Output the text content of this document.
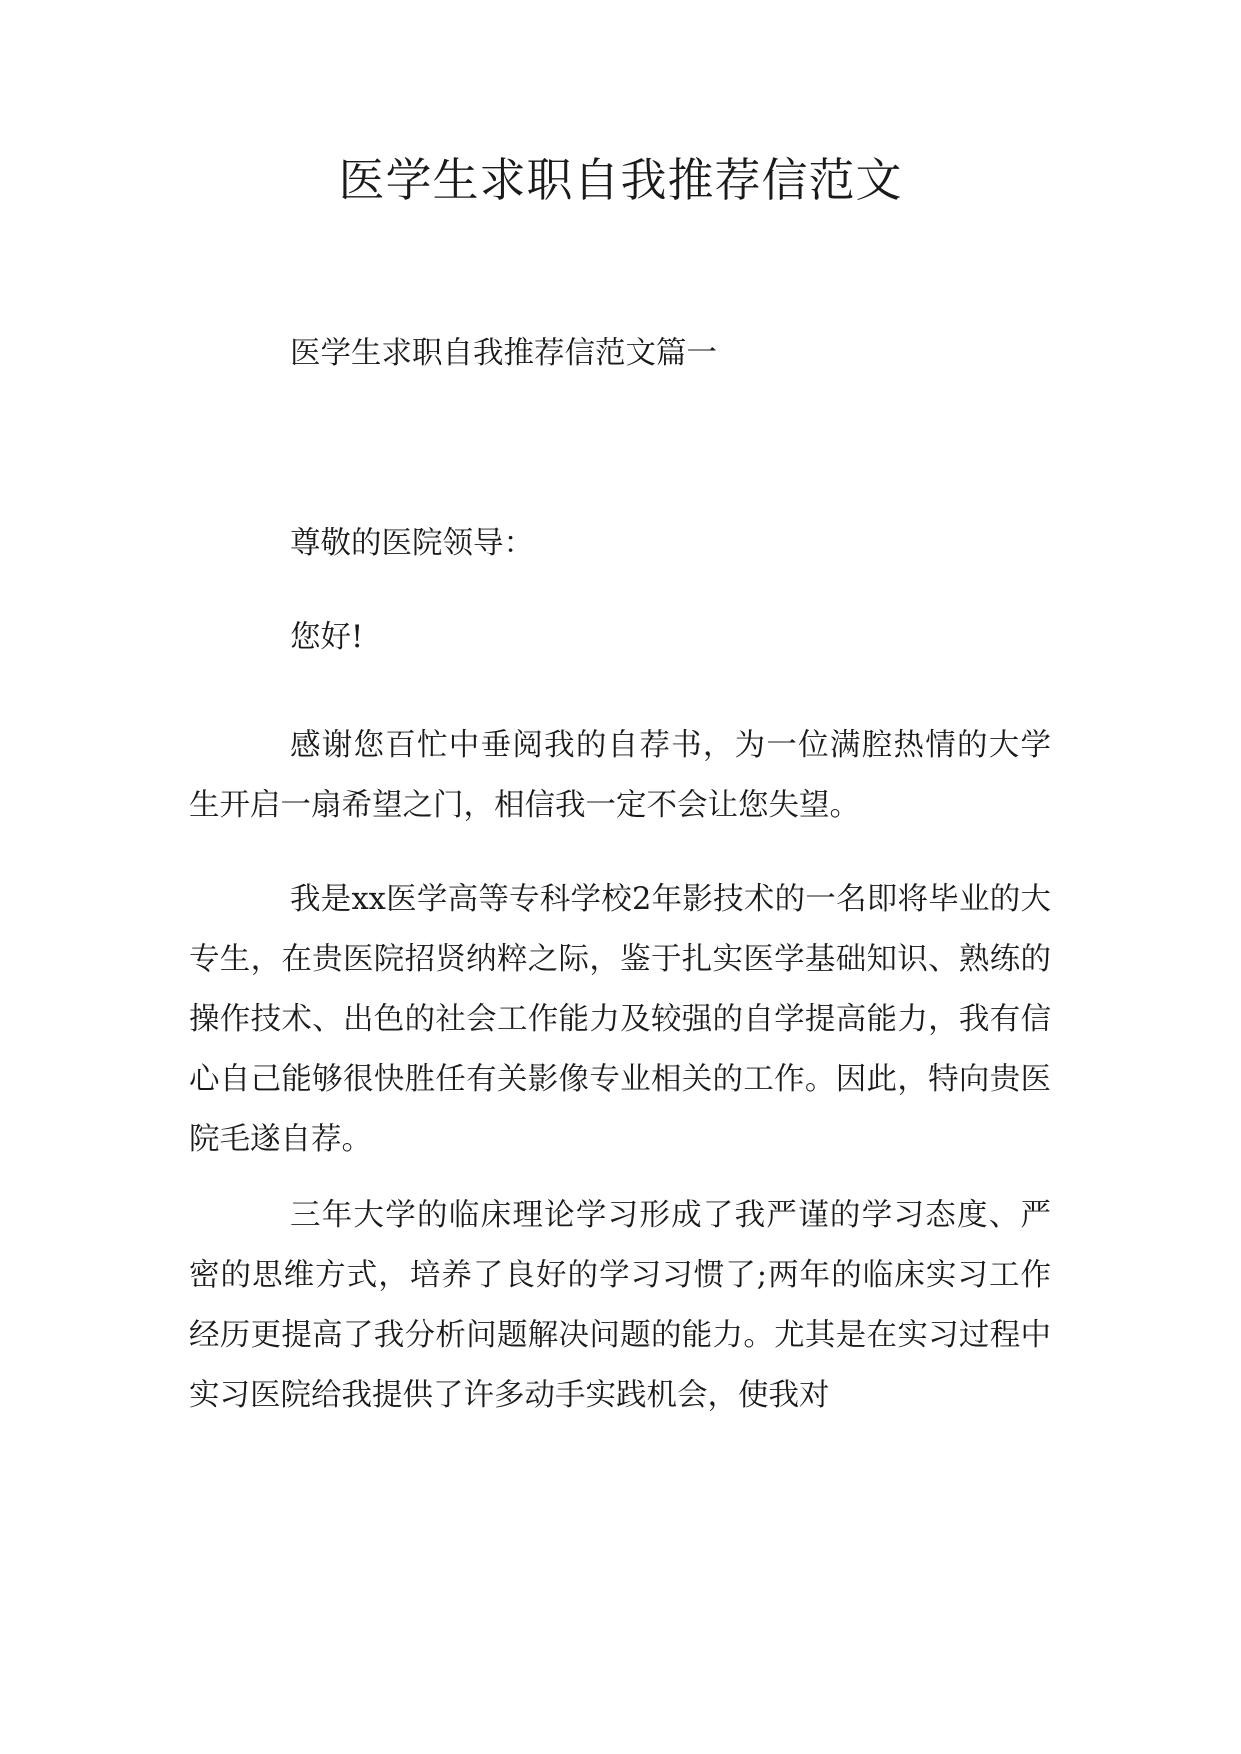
医学生求职自我推荐信范文

医学生求职自我推荐信范文篇一

尊敬的医院领导：

您好!

感谢您百忙中垂阅我的自荐书，为一位满腔热情的大学生开启一扇希望之门，相信我一定不会让您失望。

我是xx医学高等专科学校2年影技术的一名即将毕业的大专生，在贵医院招贤纳粹之际，鉴于扎实医学基础知识、熟练的操作技术、出色的社会工作能力及较强的自学提高能力，我有信心自己能够很快胜任有关影像专业相关的工作。因此，特向贵医院毛遂自荐。

三年大学的临床理论学习形成了我严谨的学习态度、严密的思维方式，培养了良好的学习习惯了;两年的临床实习工作经历更提高了我分析问题解决问题的能力。尤其是在实习过程中实习医院给我提供了许多动手实践机会，使我对
